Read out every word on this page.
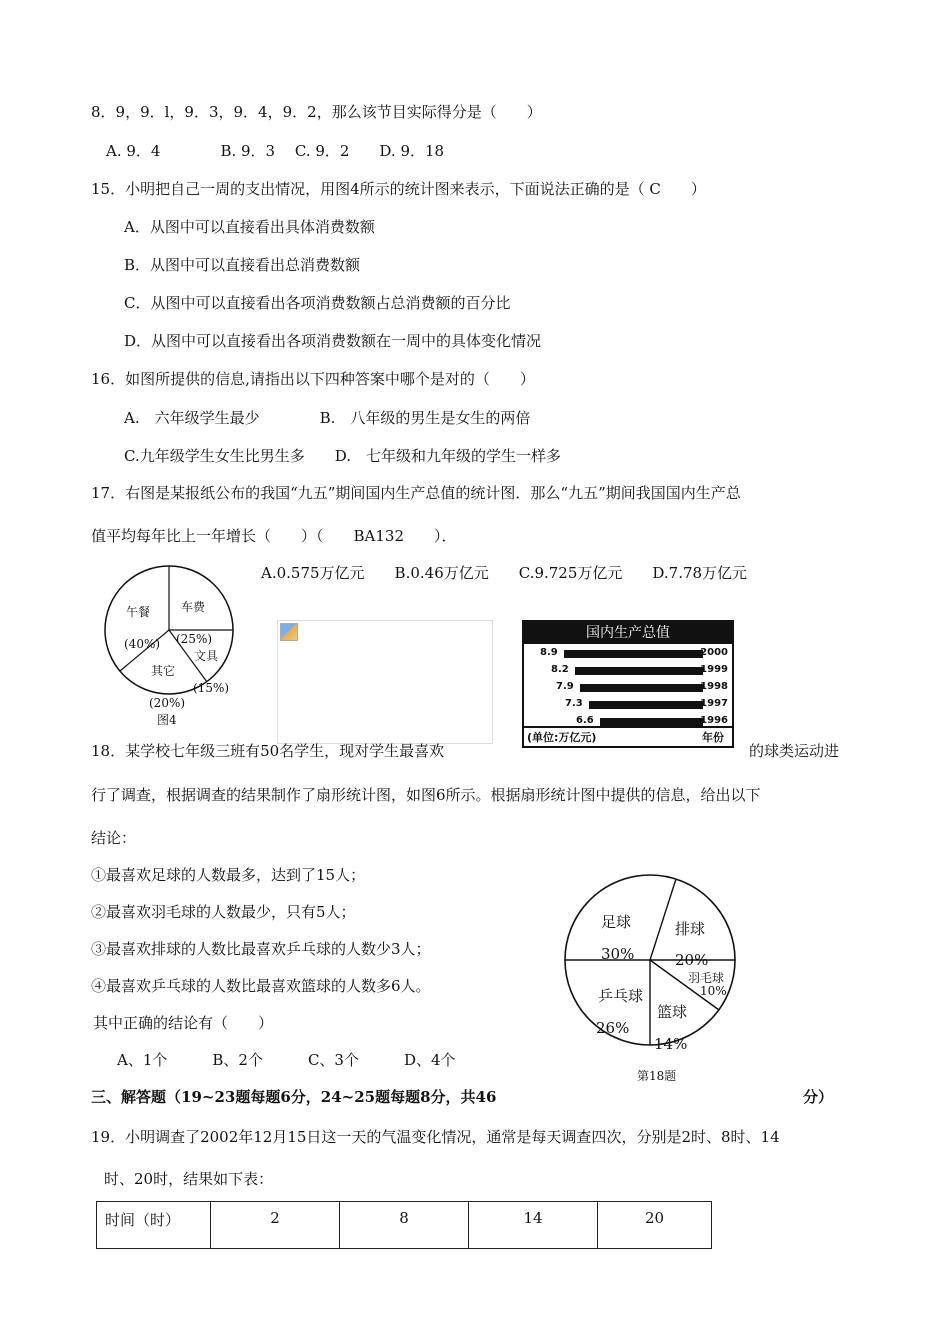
8．9，9．l，9．3，9．4，9．2，那么该节目实际得分是（　　）
A. 9．4　　　　B. 9．3　 C. 9．2　　D. 9．18
15．小明把自己一周的支出情况，用图4所示的统计图来表示，下面说法正确的是（ C　　）
A．从图中可以直接看出具体消费数额
B．从图中可以直接看出总消费数额
C．从图中可以直接看出各项消费数额占总消费额的百分比
D．从图中可以直接看出各项消费数额在一周中的具体变化情况
16．如图所提供的信息,请指出以下四种答案中哪个是对的（　　）
A.　六年级学生最少　　　　B.　八年级的男生是女生的两倍
C.九年级学生女生比男生多　　D.　七年级和九年级的学生一样多
17．右图是某报纸公布的我国“九五”期间国内生产总值的统计图．那么“九五”期间我国国内生产总
值平均每年比上一年增长（　　）（　　BA132　　）．
A.0.575万亿元　　B.0.46万亿元　　C.9.725万亿元　　D.7.78万亿元
午餐
(40%)
车费
(25%)
文具
(15%)
其它
(20%)
图4
国内生产总值
8.9	2000
8.2	1999
7.9	1998
7.3	1997
6.6	1996
(单位:万亿元)	年份
18．某学校七年级三班有50名学生，现对学生最喜欢	的球类运动进
行了调查，根据调查的结果制作了扇形统计图，如图6所示。根据扇形统计图中提供的信息，给出以下
结论：
①最喜欢足球的人数最多，达到了15人；
②最喜欢羽毛球的人数最少，只有5人；
③最喜欢排球的人数比最喜欢乒乓球的人数少3人；
④最喜欢乒乓球的人数比最喜欢篮球的人数多6人。
其中正确的结论有（　　）
A、1个　　　B、2个　　　C、3个　　　D、4个
足球
30%
排球
20%
羽毛球
10%
篮球
14%
乒乓球
26%
第18题
三、解答题（19~23题每题6分，24~25题每题8分，共46	分）
19．小明调查了2002年12月15日这一天的气温变化情况，通常是每天调查四次，分别是2时、8时、14
时、20时，结果如下表：
时间（时）	2	8	14	20
